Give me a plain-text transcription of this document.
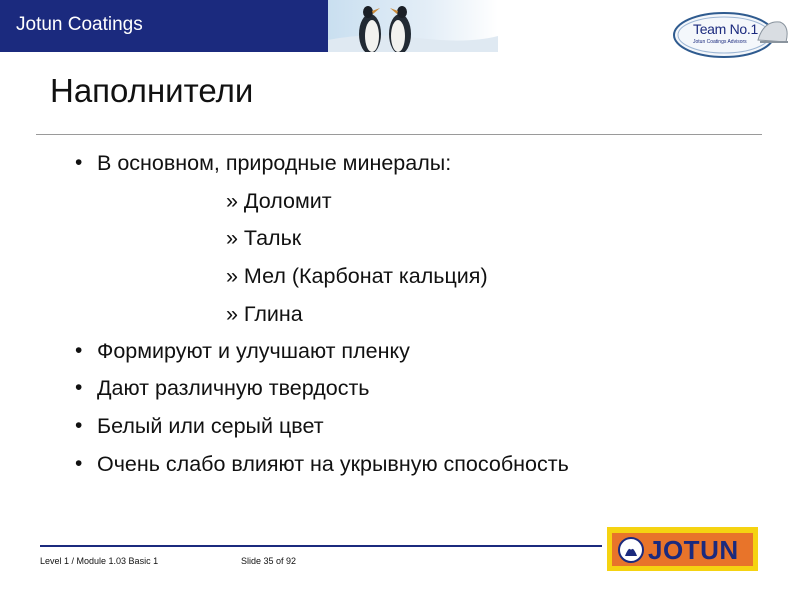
Jotun Coatings	Team No.1
Jotun Coatings Advisors
Наполнители
• В основном, природные минералы:
» Доломит
» Тальк
» Мел (Карбонат кальция)
» Глина
• Формируют и улучшают пленку
• Дают различную твердость
• Белый или серый цвет
• Очень слабо влияют на укрывную способность
Level 1 / Module 1.03 Basic 1	Slide 35 of 92	JOTUN
